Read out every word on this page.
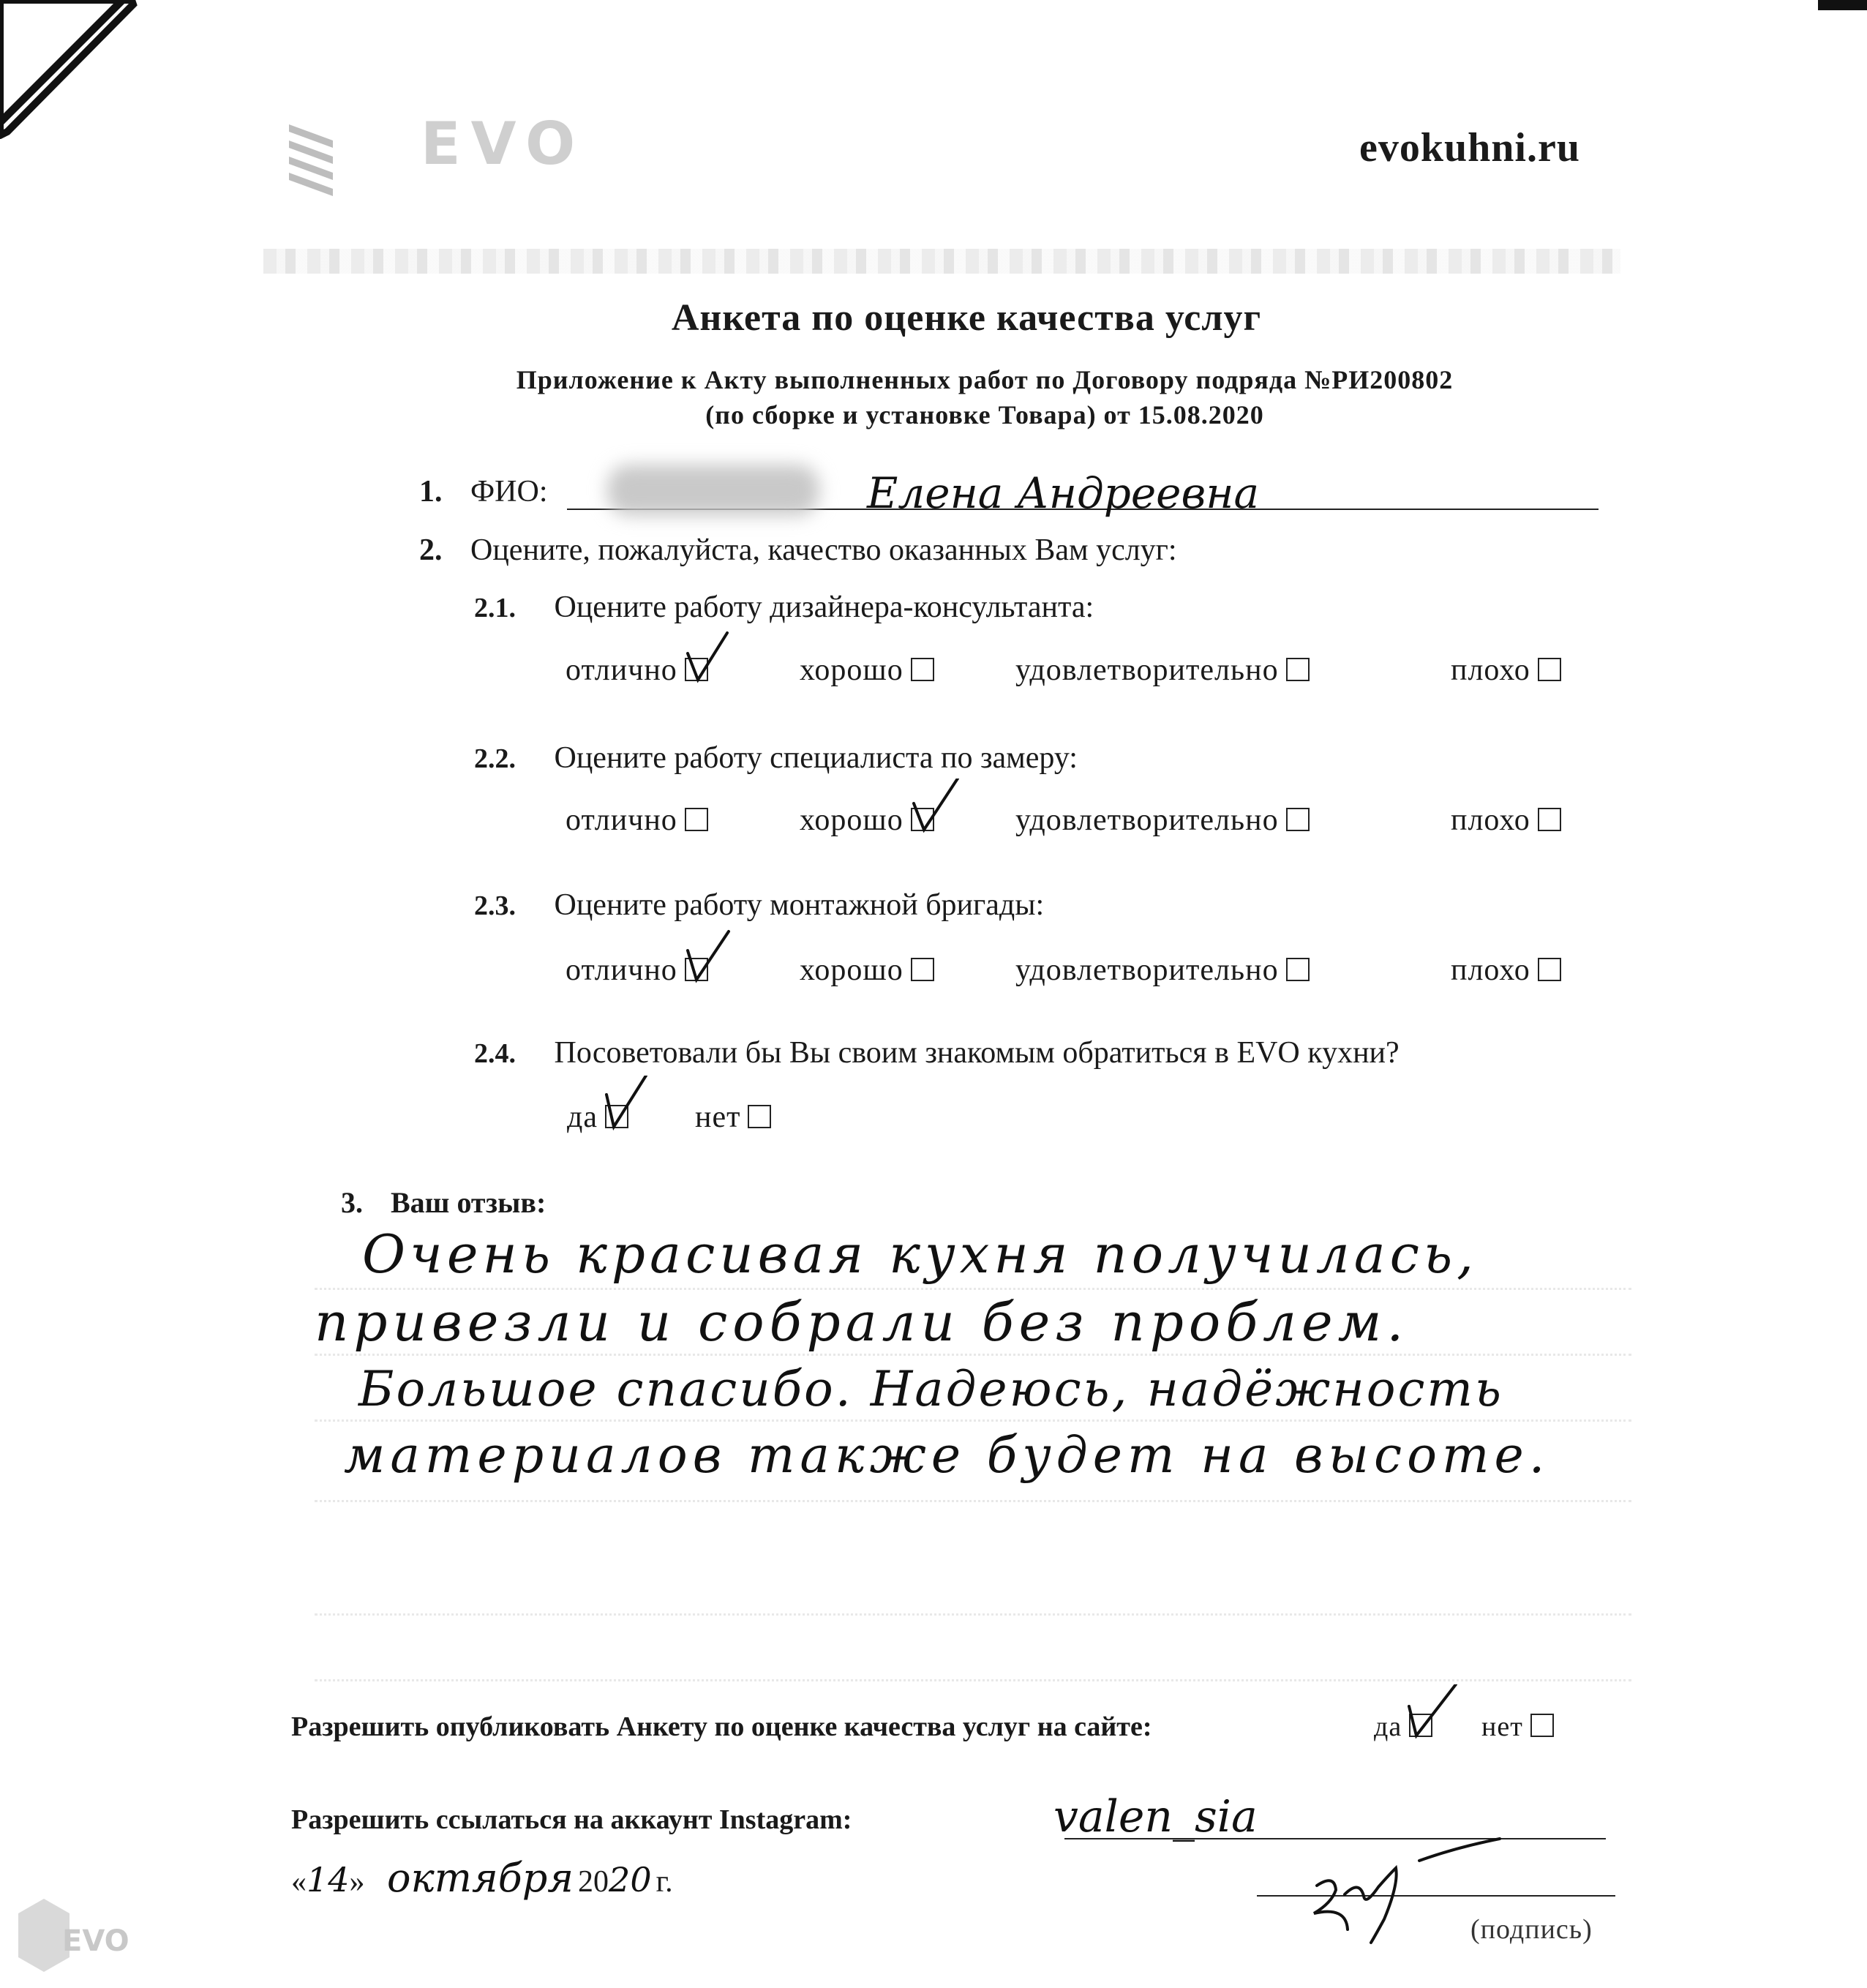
EVO	evokuhni.ru
Анкета по оценке качества услуг
Приложение к Акту выполненных работ по Договору подряда №РИ200802
(по сборке и установке Товара) от 15.08.2020
1. ФИО:	Елена Андреевна
2. Оцените, пожалуйста, качество оказанных Вам услуг:
2.1. Оцените работу дизайнера-консультанта:
отлично	хорошо	удовлетворительно	плохо
2.2. Оцените работу специалиста по замеру:
отлично	хорошо	удовлетворительно	плохо
2.3. Оцените работу монтажной бригады:
отлично	хорошо	удовлетворительно	плохо
2.4. Посоветовали бы Вы своим знакомым обратиться в EVO кухни?
да	нет
3. Ваш отзыв:
Очень красивая кухня получилась,
привезли и собрали без проблем.
Большое спасибо. Надеюсь, надёжность
материалов также будет на высоте.
Разрешить опубликовать Анкету по оценке качества услуг на сайте:	да	нет
Разрешить ссылаться на аккаунт Instagram:	valen_sia
«14» октября 2020 г.
(подпись)
EVO
